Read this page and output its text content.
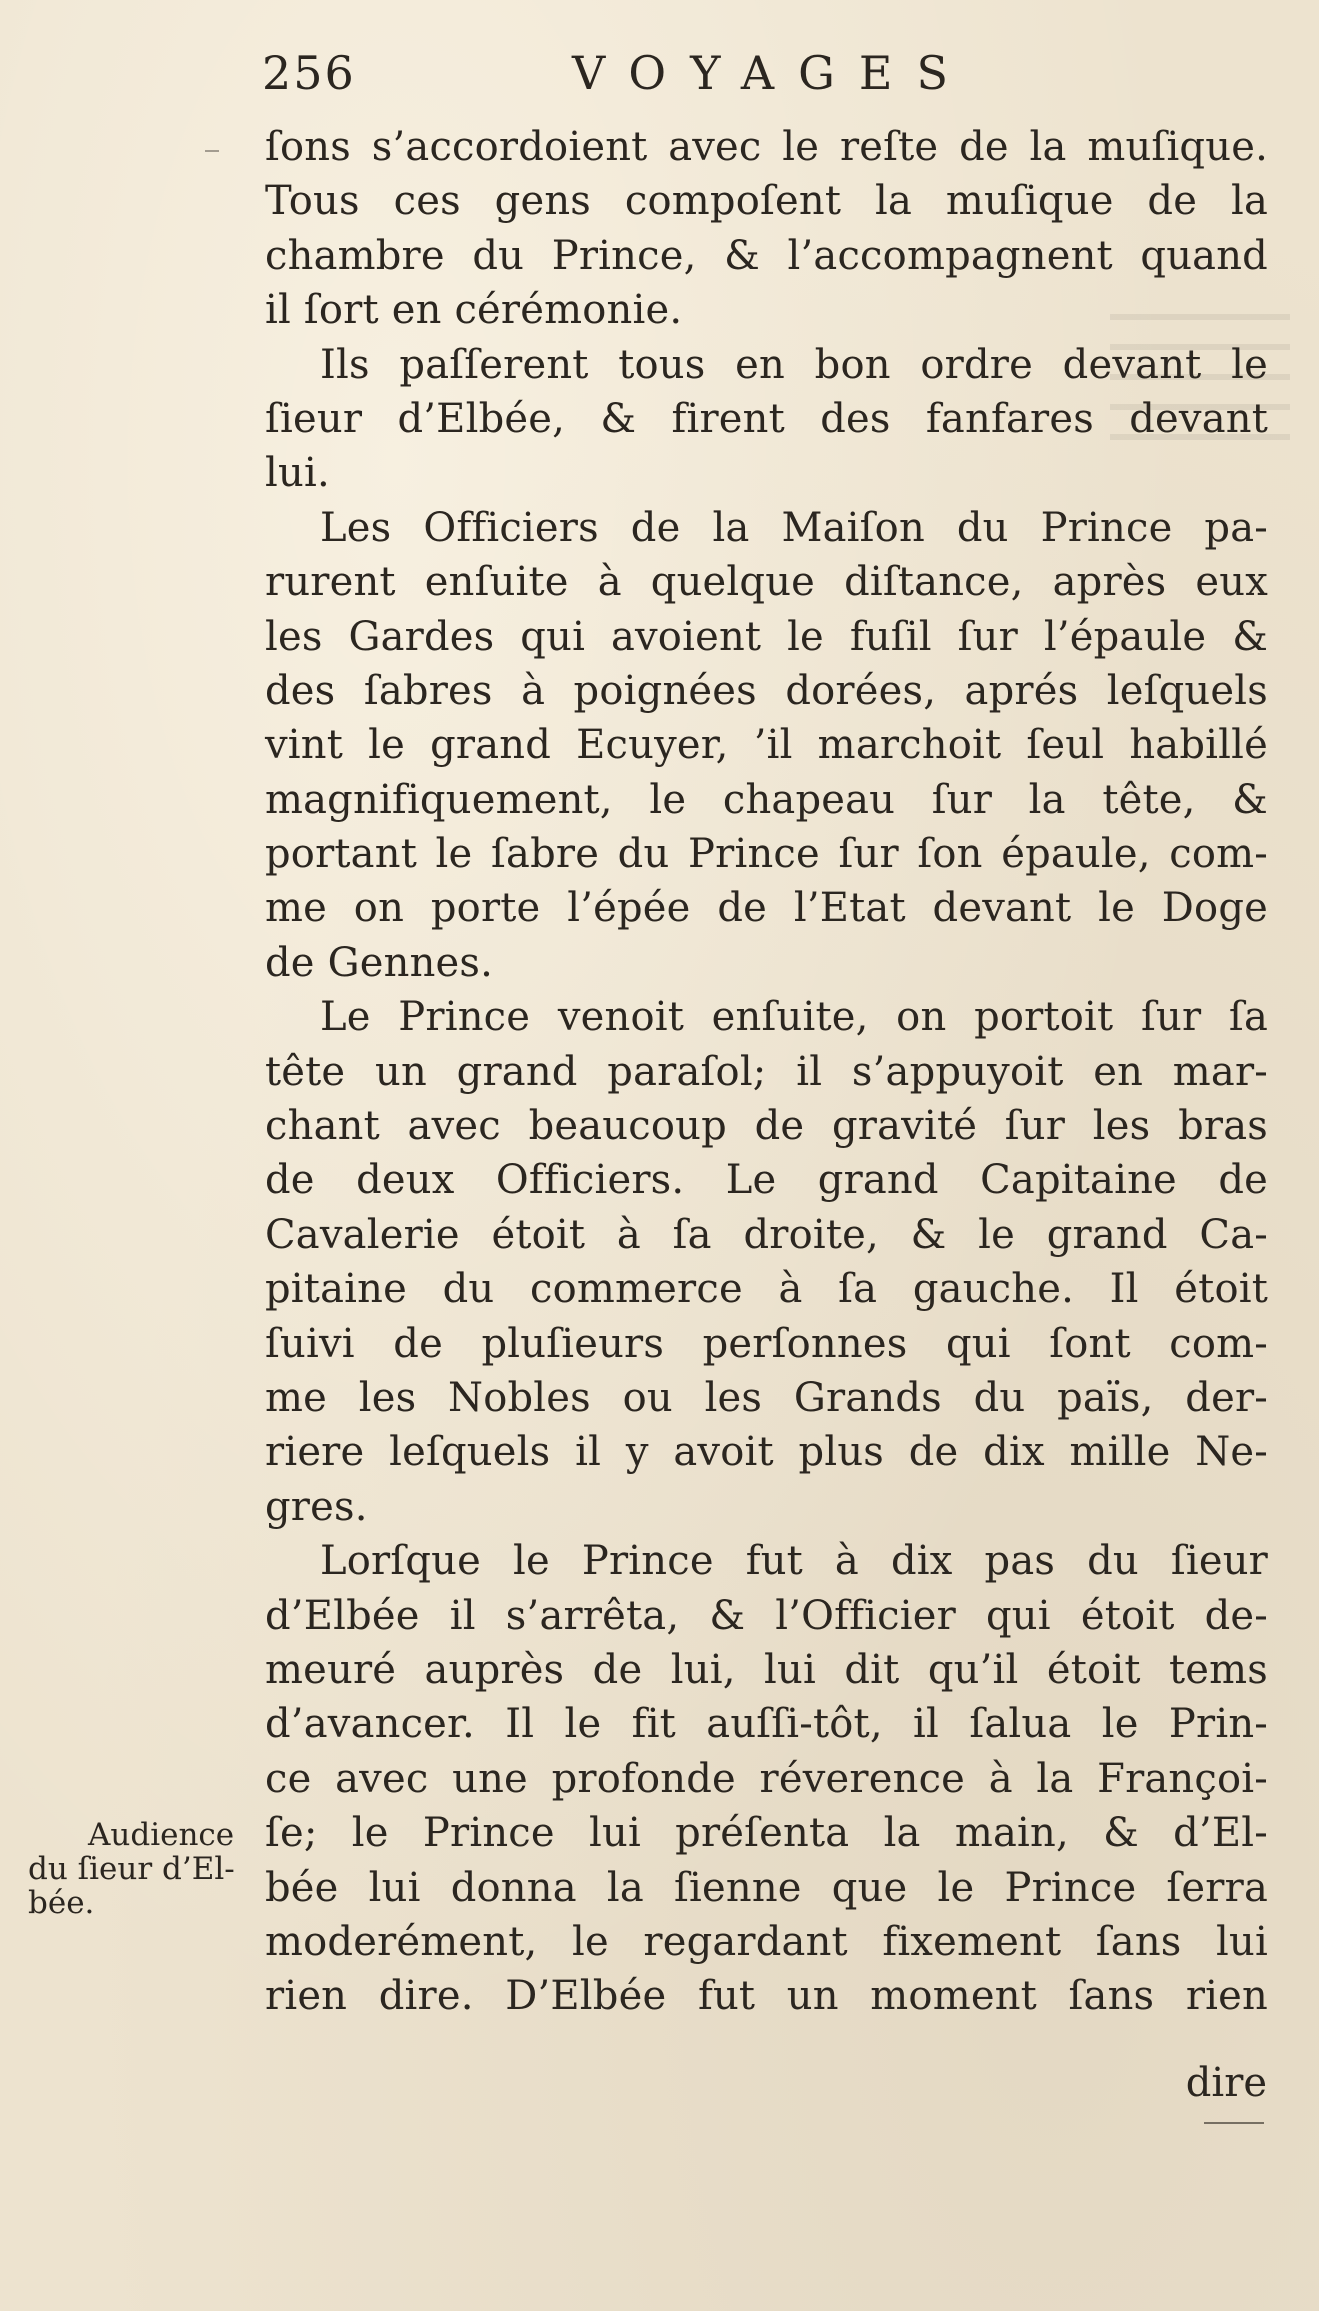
256	VOYAGES
ſons s’accordoient avec le reſte de la muſique.
Tous ces gens compoſent la muſique de la
chambre du Prince, & l’accompagnent quand
il ſort en cérémonie.
Ils paſſerent tous en bon ordre devant le
ſieur d’Elbée, & firent des fanfares devant
lui.
Les Officiers de la Maiſon du Prince pa-
rurent enſuite à quelque diſtance, après eux
les Gardes qui avoient le fuſil ſur l’épaule &
des ſabres à poignées dorées, aprés leſquels
vint le grand Ecuyer, ’il marchoit ſeul habillé
magnifiquement, le chapeau ſur la tête, &
portant le ſabre du Prince ſur ſon épaule, com-
me on porte l’épée de l’Etat devant le Doge
de Gennes.
Le Prince venoit enſuite, on portoit ſur ſa
tête un grand paraſol; il s’appuyoit en mar-
chant avec beaucoup de gravité ſur les bras
de deux Officiers. Le grand Capitaine de
Cavalerie étoit à ſa droite, & le grand Ca-
pitaine du commerce à ſa gauche. Il étoit
ſuivi de pluſieurs perſonnes qui ſont com-
me les Nobles ou les Grands du païs, der-
riere leſquels il y avoit plus de dix mille Ne-
gres.
Lorſque le Prince fut à dix pas du ſieur
d’Elbée il s’arrêta, & l’Officier qui étoit de-
meuré auprès de lui, lui dit qu’il étoit tems
d’avancer. Il le fit auſſi-tôt, il ſalua le Prin-
ce avec une profonde réverence à la Françoi-
ſe; le Prince lui préſenta la main, & d’El-
bée lui donna la ſienne que le Prince ſerra
moderément, le regardant fixement ſans lui
rien dire. D’Elbée fut un moment ſans rien
Audience
du ſieur d’El-
bée.
dire
